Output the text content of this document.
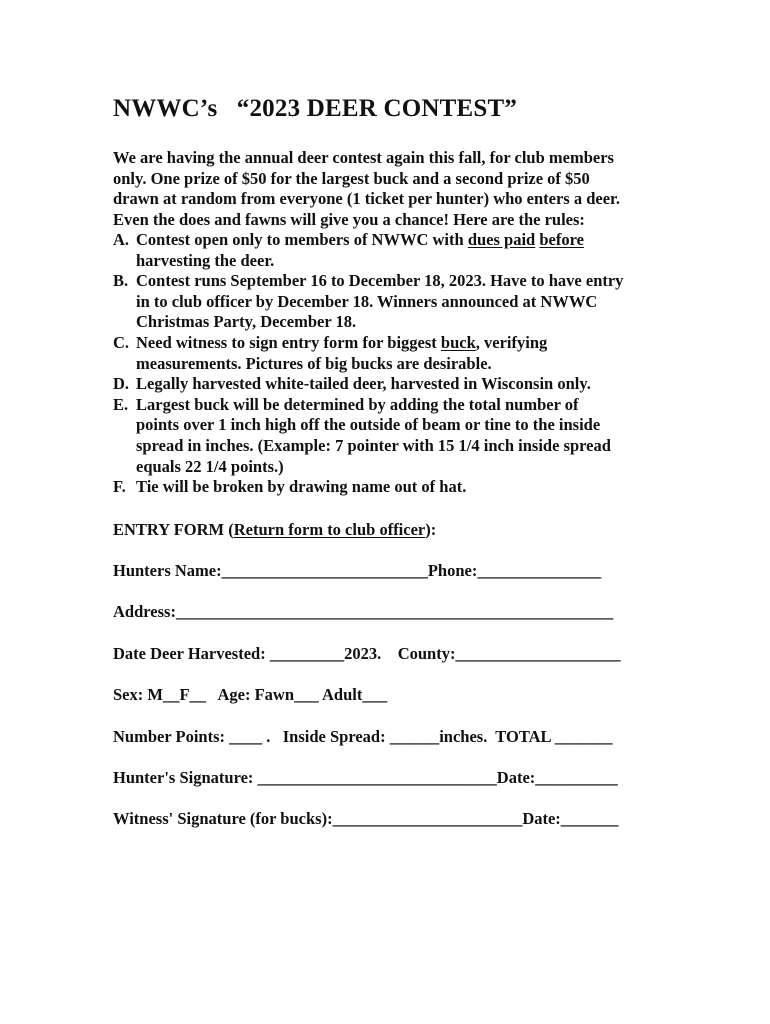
NWWC’s   “2023 DEER CONTEST”

We are having the annual deer contest again this fall, for club members

only. One prize of $50 for the largest buck and a second prize of $50

drawn at random from everyone (1 ticket per hunter) who enters a deer.

Even the does and fawns will give you a chance! Here are the rules:

A. Contest open only to members of NWWC with dues paid before
harvesting the deer.
B. Contest runs September 16 to December 18, 2023. Have to have entry
in to club officer by December 18. Winners announced at NWWC
Christmas Party, December 18.
C. Need witness to sign entry form for biggest buck, verifying
measurements. Pictures of big bucks are desirable.
D. Legally harvested white-tailed deer, harvested in Wisconsin only.
E. Largest buck will be determined by adding the total number of
points over 1 inch high off the outside of beam or tine to the inside
spread in inches. (Example: 7 pointer with 15 1/4 inch inside spread
equals 22 1/4 points.)
F. Tie will be broken by drawing name out of hat.
ENTRY FORM (Return form to club officer):
Hunters Name:_________________________Phone:_______________
Address:_____________________________________________________
Date Deer Harvested: _________2023.    County:____________________
Sex: M__F__   Age: Fawn___ Adult___
Number Points: ____ .   Inside Spread: ______inches.  TOTAL _______
Hunter's Signature: _____________________________Date:__________
Witness' Signature (for bucks):_______________________Date:_______
